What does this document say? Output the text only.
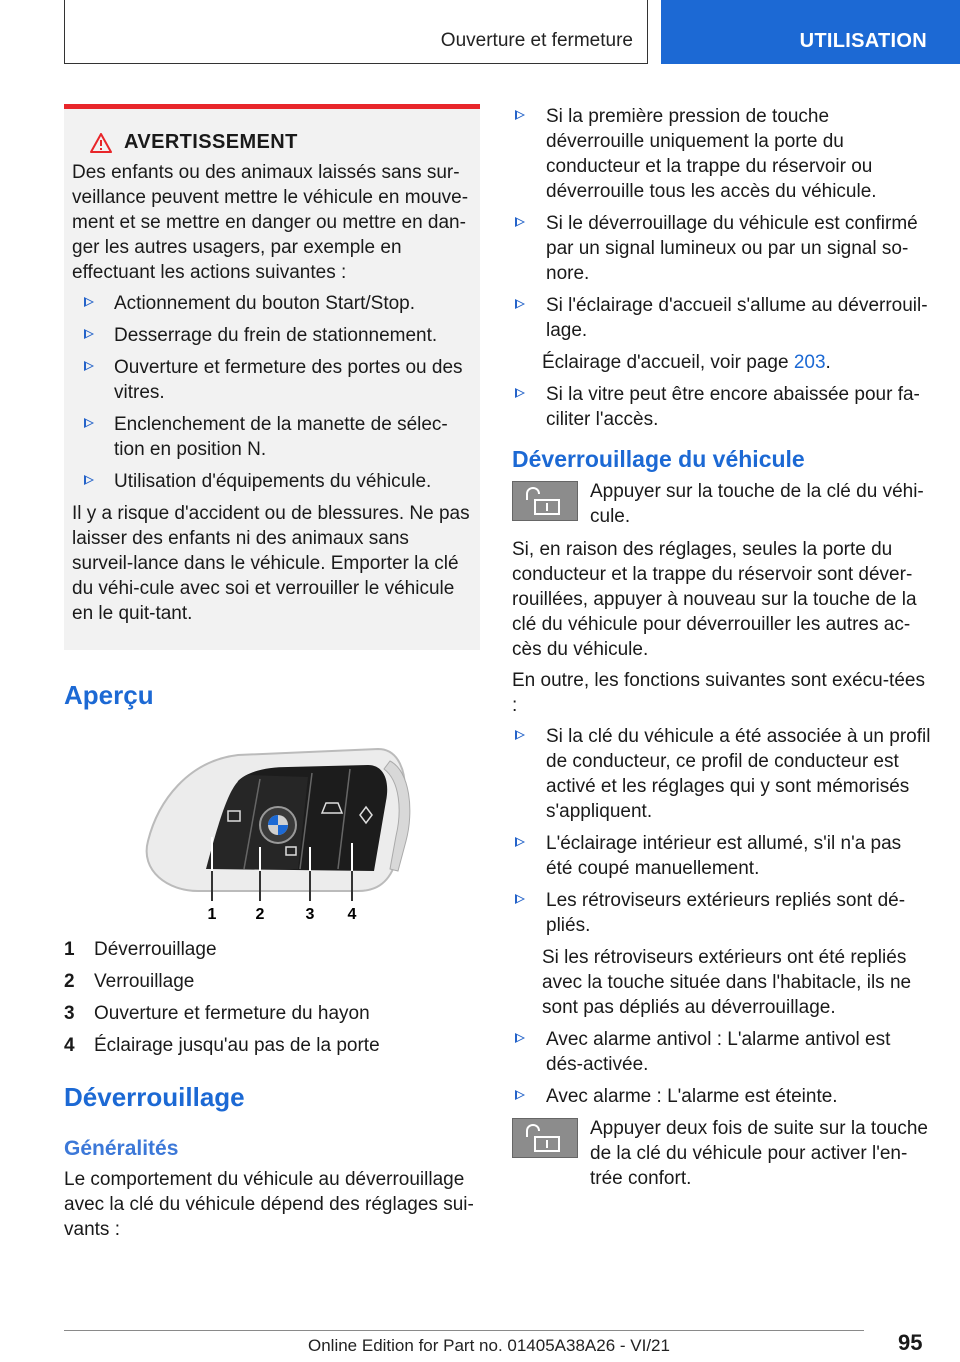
Ouverture et fermeture	UTILISATION
AVERTISSEMENT

Des enfants ou des animaux laissés sans sur-veillance peuvent mettre le véhicule en mouve-ment et se mettre en danger ou mettre en dan-ger les autres usagers, par exemple en effectuant les actions suivantes :

Actionnement du bouton Start/Stop.
Desserrage du frein de stationnement.
Ouverture et fermeture des portes ou des vitres.
Enclenchement de la manette de sélec-tion en position N.
Utilisation d'équipements du véhicule.

Il y a risque d'accident ou de blessures. Ne pas laisser des enfants ni des animaux sans surveil-lance dans le véhicule. Emporter la clé du véhi-cule avec soi et verrouiller le véhicule en le quit-tant.

Aperçu
1 2	3 4
1	Déverrouillage
2	Verrouillage
3	Ouverture et fermeture du hayon
4	Éclairage jusqu'au pas de la porte
Déverrouillage
Généralités

Le comportement du véhicule au déverrouillage avec la clé du véhicule dépend des réglages sui-vants :

Si la première pression de touche déverrouille uniquement la porte du conducteur et la trappe du réservoir ou déverrouille tous les accès du véhicule.
Si le déverrouillage du véhicule est confirmé par un signal lumineux ou par un signal so-nore.
Si l'éclairage d'accueil s'allume au déverrouil-lage.

Éclairage d'accueil, voir page 203.

Si la vitre peut être encore abaissée pour fa-ciliter l'accès.
Déverrouillage du véhicule

Appuyer sur la touche de la clé du véhi-cule.

Si, en raison des réglages, seules la porte du conducteur et la trappe du réservoir sont déver-rouillées, appuyer à nouveau sur la touche de la clé du véhicule pour déverrouiller les autres ac-cès du véhicule.

En outre, les fonctions suivantes sont exécu-tées :

Si la clé du véhicule a été associée à un profil de conducteur, ce profil de conducteur est activé et les réglages qui y sont mémorisés s'appliquent.
L'éclairage intérieur est allumé, s'il n'a pas été coupé manuellement.
Les rétroviseurs extérieurs repliés sont dé-pliés.

Si les rétroviseurs extérieurs ont été repliés avec la touche située dans l'habitacle, ils ne sont pas dépliés au déverrouillage.

Avec alarme antivol : L'alarme antivol est dés-activée.
Avec alarme : L'alarme est éteinte.

Appuyer deux fois de suite sur la touche de la clé du véhicule pour activer l'en-trée confort.

95
Online Edition for Part no. 01405A38A26 - VI/21
